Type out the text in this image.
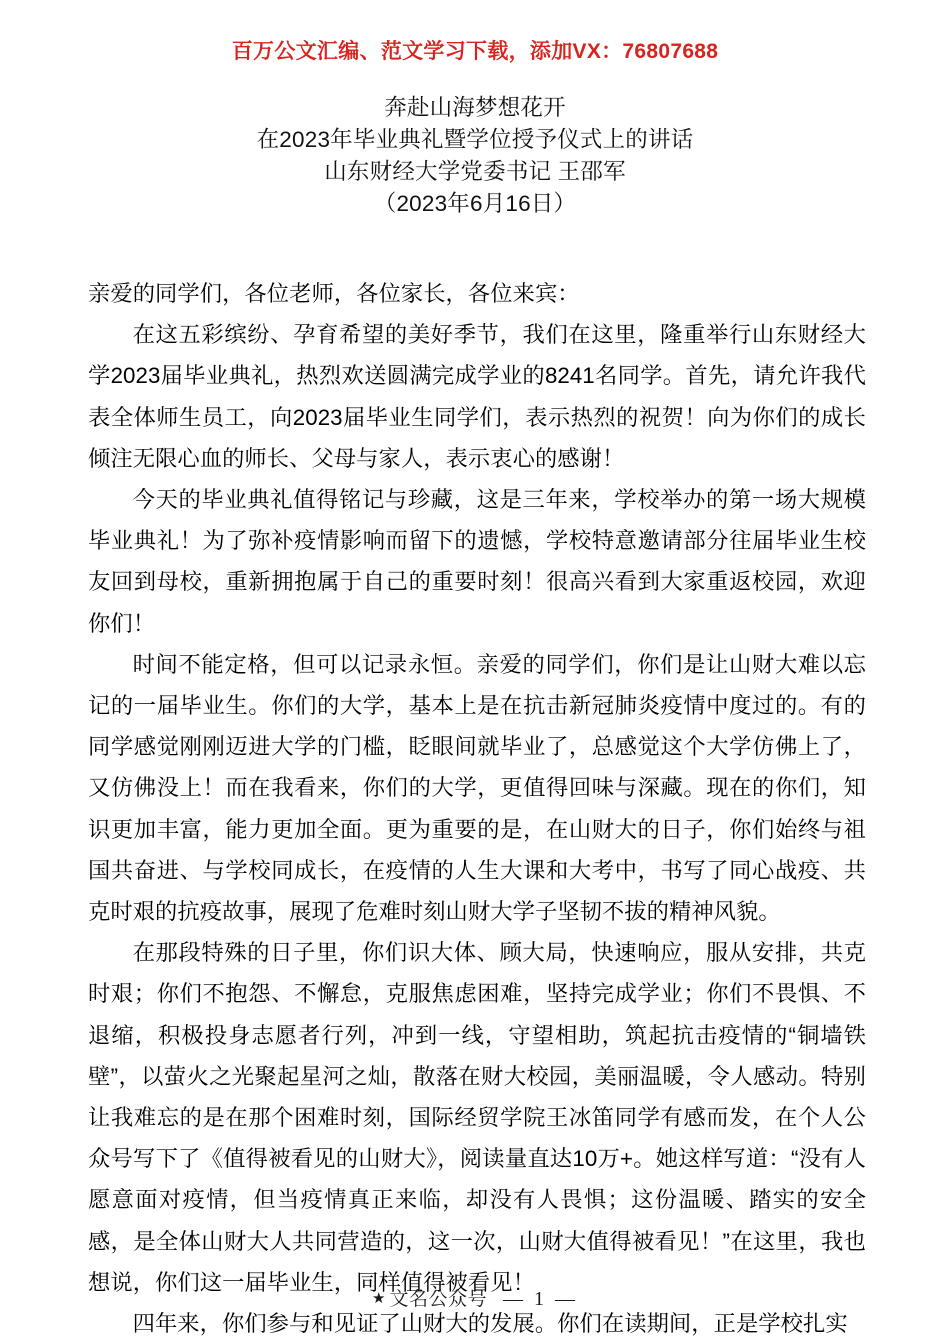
百万公文汇编、范文学习下载，添加VX：76807688
奔赴山海梦想花开
在2023年毕业典礼暨学位授予仪式上的讲话
山东财经大学党委书记 王邵军
（2023年6月16日）

亲爱的同学们，各位老师，各位家长，各位来宾：

在这五彩缤纷、孕育希望的美好季节，我们在这里，隆重举行山东财经大学2023届毕业典礼，热烈欢送圆满完成学业的8241名同学。首先，请允许我代表全体师生员工，向2023届毕业生同学们，表示热烈的祝贺！向为你们的成长倾注无限心血的师长、父母与家人，表示衷心的感谢！

今天的毕业典礼值得铭记与珍藏，这是三年来，学校举办的第一场大规模毕业典礼！为了弥补疫情影响而留下的遗憾，学校特意邀请部分往届毕业生校友回到母校，重新拥抱属于自己的重要时刻！很高兴看到大家重返校园，欢迎你们！

时间不能定格，但可以记录永恒。亲爱的同学们，你们是让山财大难以忘记的一届毕业生。你们的大学，基本上是在抗击新冠肺炎疫情中度过的。有的同学感觉刚刚迈进大学的门槛，眨眼间就毕业了，总感觉这个大学仿佛上了，又仿佛没上！而在我看来，你们的大学，更值得回味与深藏。现在的你们，知识更加丰富，能力更加全面。更为重要的是，在山财大的日子，你们始终与祖国共奋进、与学校同成长，在疫情的人生大课和大考中，书写了同心战疫、共克时艰的抗疫故事，展现了危难时刻山财大学子坚韧不拔的精神风貌。

在那段特殊的日子里，你们识大体、顾大局，快速响应，服从安排，共克时艰；你们不抱怨、不懈怠，克服焦虑困难，坚持完成学业；你们不畏惧、不退缩，积极投身志愿者行列，冲到一线，守望相助，筑起抗击疫情的“铜墙铁壁”，以萤火之光聚起星河之灿，散落在财大校园，美丽温暖，令人感动。特别让我难忘的是在那个困难时刻，国际经贸学院王冰笛同学有感而发，在个人公众号写下了《值得被看见的山财大》，阅读量直达10万+。她这样写道：“没有人愿意面对疫情，但当疫情真正来临，却没有人畏惧；这份温暖、踏实的安全感，是全体山财大人共同营造的，这一次，山财大值得被看见！”在这里，我也想说，你们这一届毕业生，同样值得被看见！

四年来，你们参与和见证了山财大的发展。你们在读期间，正是学校扎实

★ 文名公众号 — 1 —
